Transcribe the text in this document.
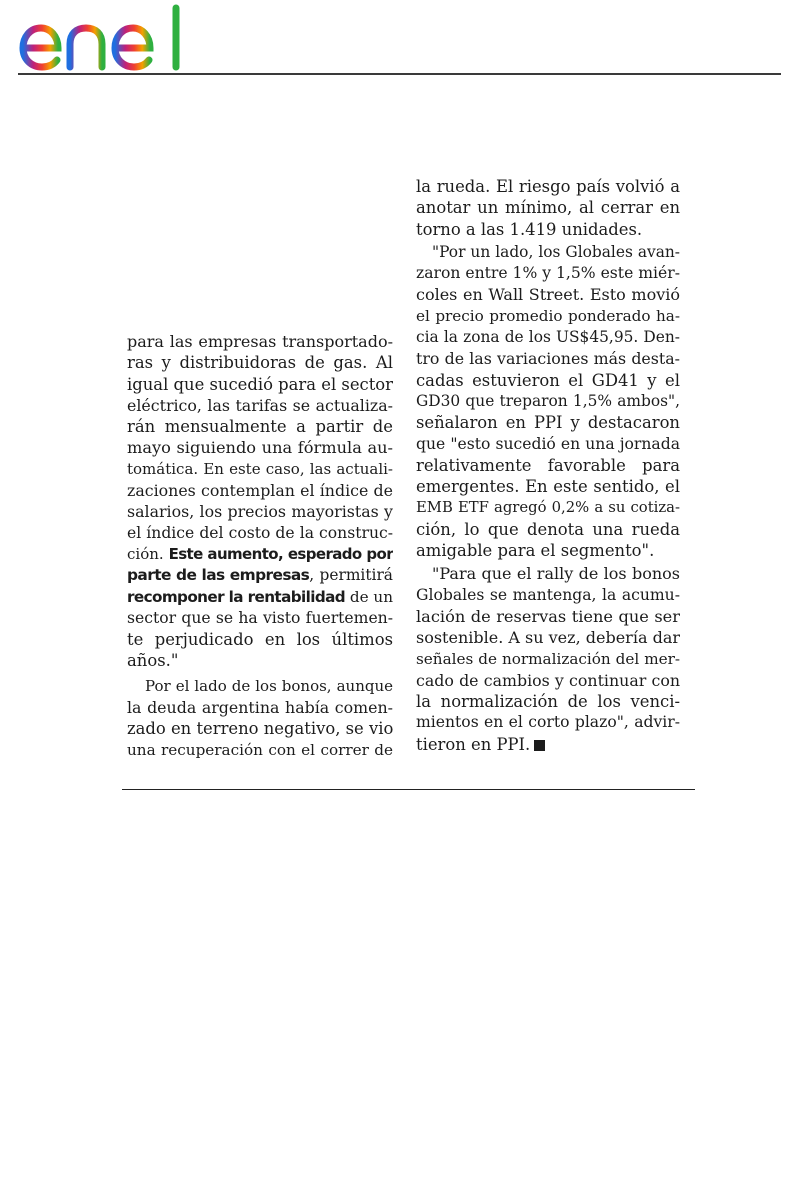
para las empresas transportado-
ras y distribuidoras de gas. Al
igual que sucedió para el sector
eléctrico, las tarifas se actualiza-
rán mensualmente a partir de
mayo siguiendo una fórmula au-
tomática. En este caso, las actuali-
zaciones contemplan el índice de
salarios, los precios mayoristas y
el índice del costo de la construc-
ción. Este aumento, esperado por
parte de las empresas, permitirá
recomponer la rentabilidad de un
sector que se ha visto fuertemen-
te perjudicado en los últimos
años."

Por el lado de los bonos, aunque
la deuda argentina había comen-
zado en terreno negativo, se vio
una recuperación con el correr de

la rueda. El riesgo país volvió a
anotar un mínimo, al cerrar en
torno a las 1.419 unidades.

"Por un lado, los Globales avan-
zaron entre 1% y 1,5% este miér-
coles en Wall Street. Esto movió
el precio promedio ponderado ha-
cia la zona de los US$45,95. Den-
tro de las variaciones más desta-
cadas estuvieron el GD41 y el
GD30 que treparon 1,5% ambos",
señalaron en PPI y destacaron
que "esto sucedió en una jornada
relativamente favorable para
emergentes. En este sentido, el
EMB ETF agregó 0,2% a su cotiza-
ción, lo que denota una rueda
amigable para el segmento".

"Para que el rally de los bonos
Globales se mantenga, la acumu-
lación de reservas tiene que ser
sostenible. A su vez, debería dar
señales de normalización del mer-
cado de cambios y continuar con
la normalización de los venci-
mientos en el corto plazo", advir-
tieron en PPI.
